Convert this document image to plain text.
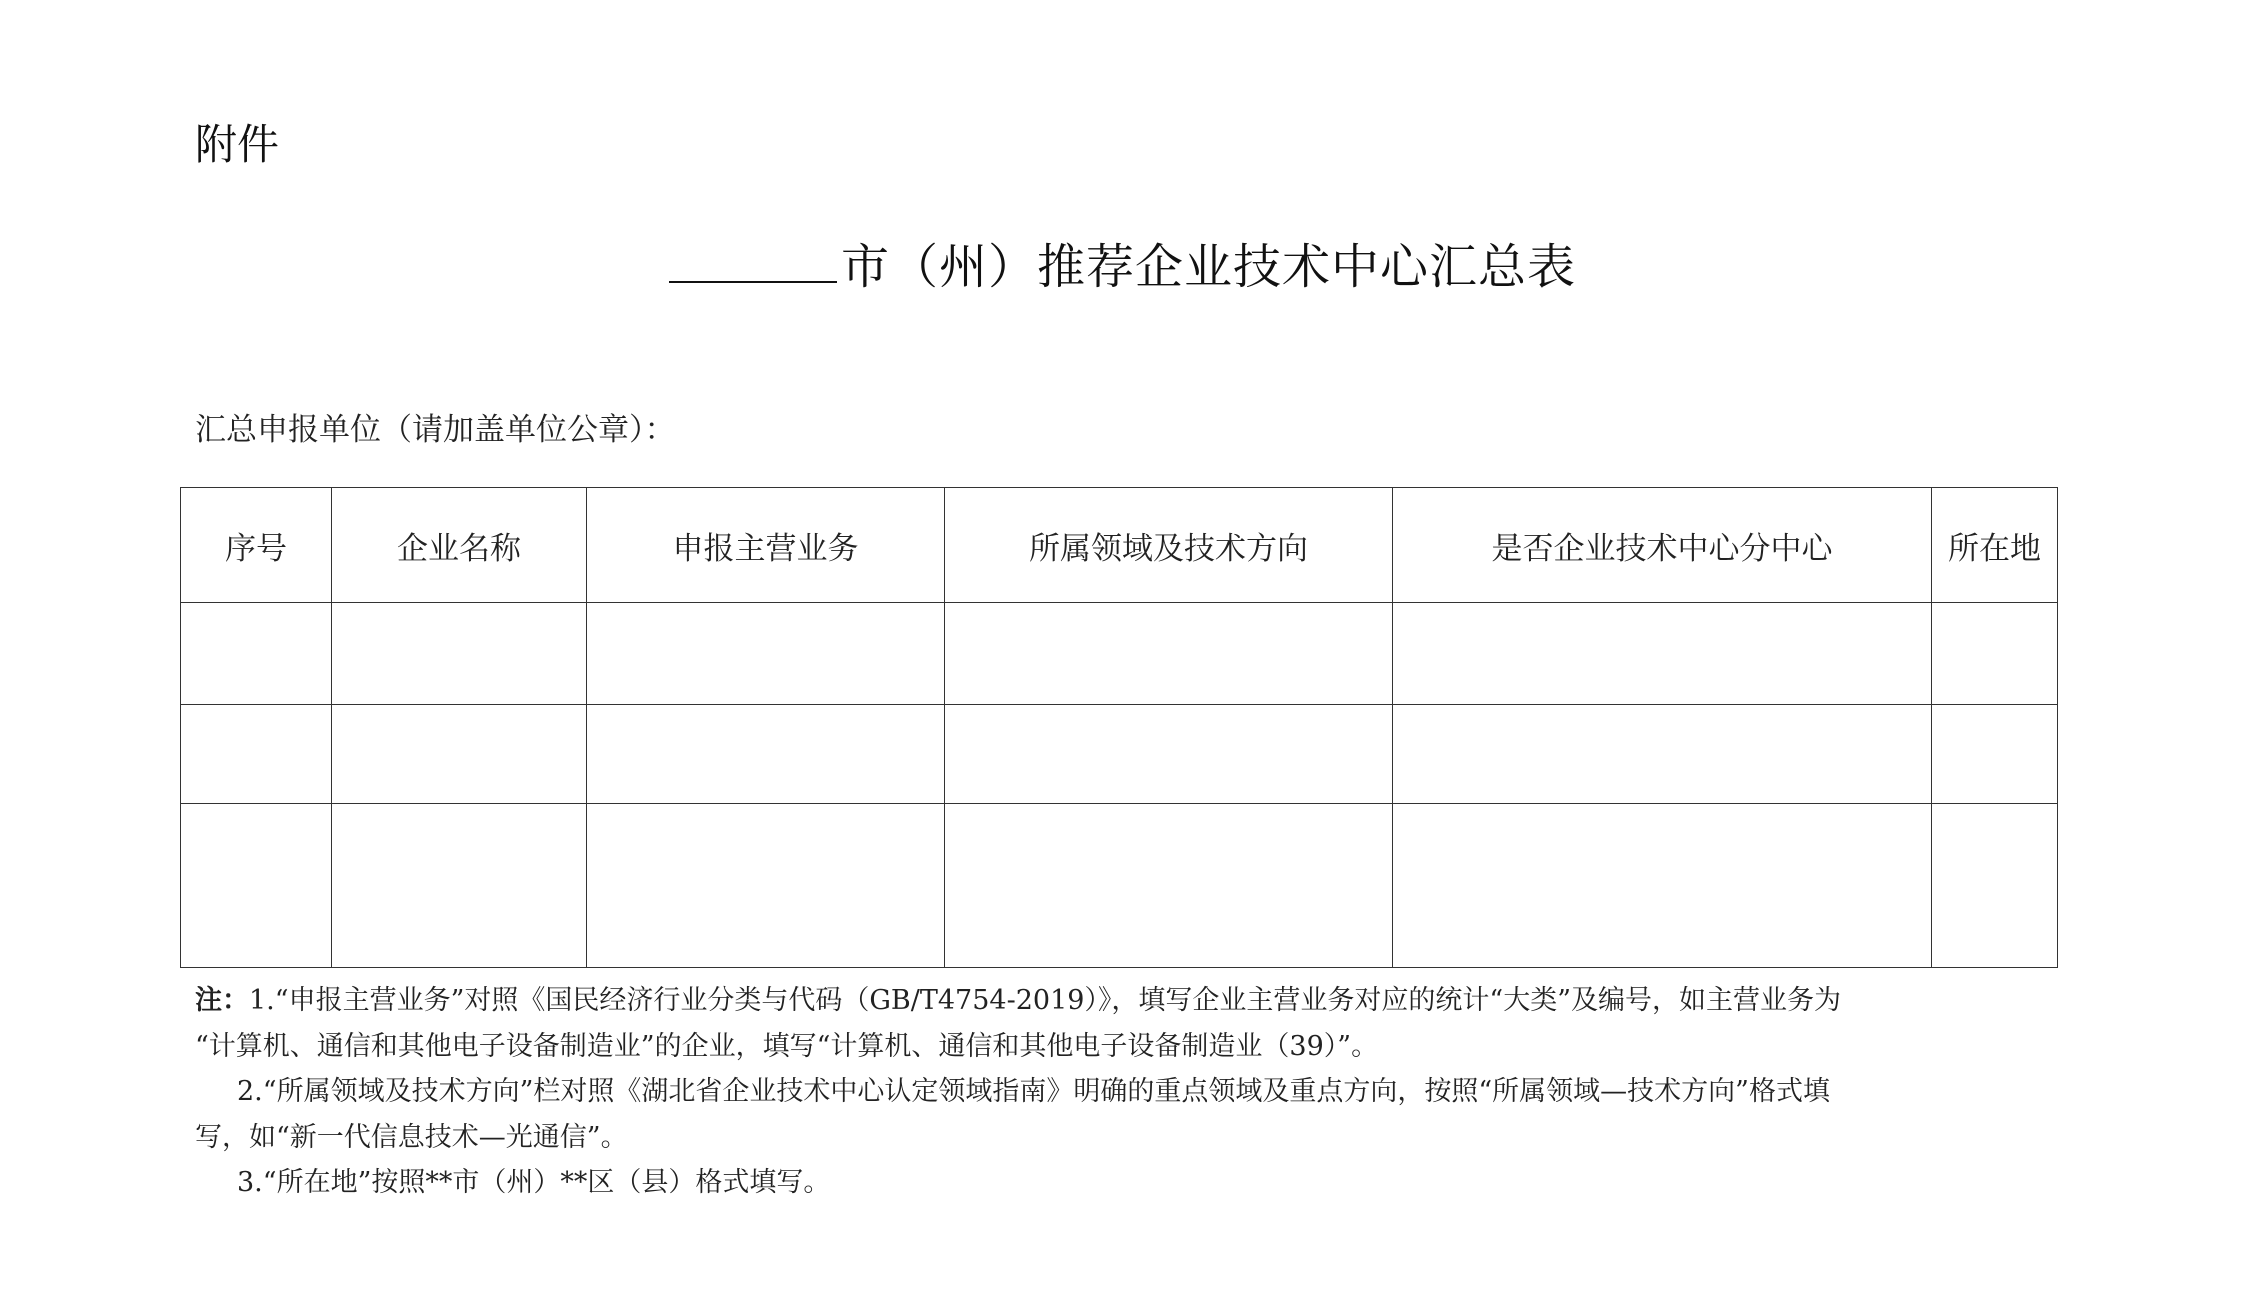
附件
市（州）推荐企业技术中心汇总表
汇总申报单位（请加盖单位公章）：
序号	企业名称	申报主营业务	所属领域及技术方向	是否企业技术中心分中心	所在地

注：1.“申报主营业务”对照《国民经济行业分类与代码（GB/T4754-2019）》，填写企业主营业务对应的统计“大类”及编号，如主营业务为

“计算机、通信和其他电子设备制造业”的企业，填写“计算机、通信和其他电子设备制造业（39）”。

2.“所属领域及技术方向”栏对照《湖北省企业技术中心认定领域指南》明确的重点领域及重点方向，按照“所属领域—技术方向”格式填

写，如“新一代信息技术—光通信”。

3.“所在地”按照**市（州）**区（县）格式填写。
